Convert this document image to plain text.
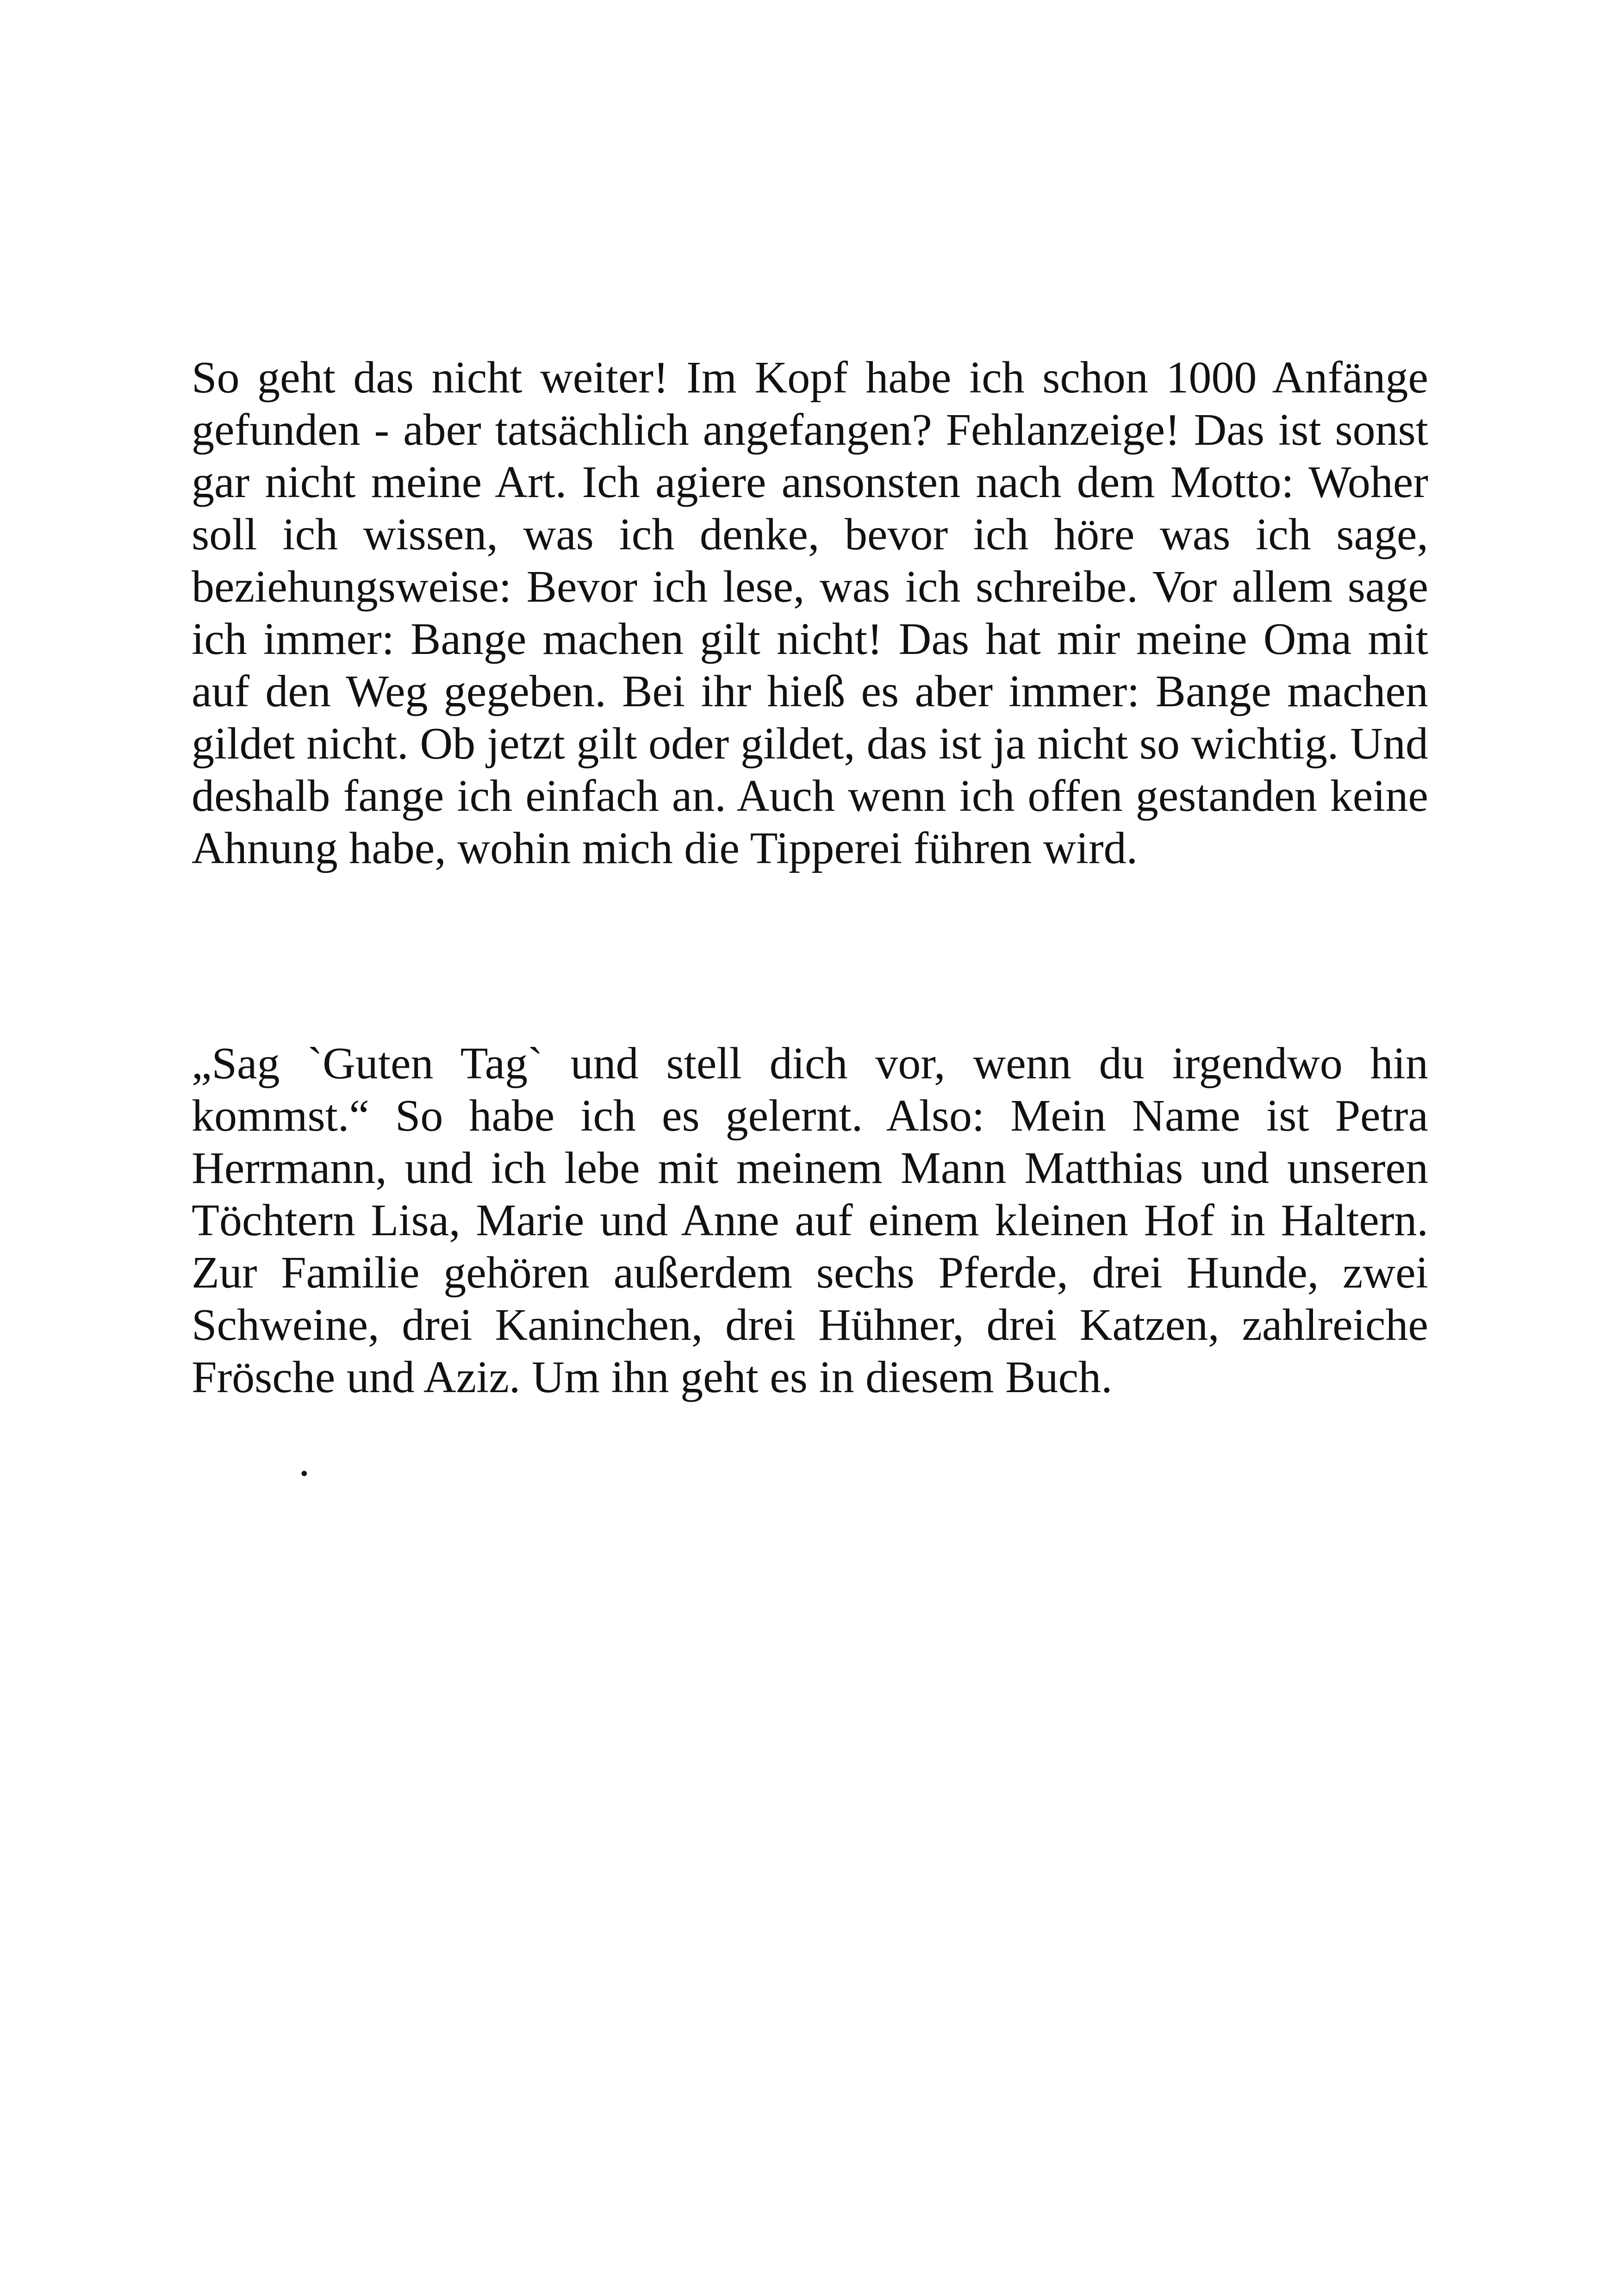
So geht das nicht weiter! Im Kopf habe ich schon 1000 Anfänge gefunden - aber tatsächlich angefangen? Fehlanzeige! Das ist sonst gar nicht meine Art. Ich agiere ansonsten nach dem Motto: Woher soll ich wissen, was ich denke, bevor ich höre was ich sage, beziehungsweise: Bevor ich lese, was ich schreibe. Vor allem sage ich immer: Bange machen gilt nicht! Das hat mir meine Oma mit auf den Weg gegeben. Bei ihr hieß es aber immer: Bange machen gildet nicht. Ob jetzt gilt oder gildet, das ist ja nicht so wichtig. Und deshalb fange ich einfach an. Auch wenn ich offen gestanden keine Ahnung habe, wohin mich die Tipperei führen wird.

„Sag `Guten Tag` und stell dich vor, wenn du irgendwo hin kommst.“ So habe ich es gelernt. Also: Mein Name ist Petra Herrmann, und ich lebe mit meinem Mann Matthias und unseren Töchtern Lisa, Marie und Anne auf einem kleinen Hof in Haltern. Zur Familie gehören außerdem sechs Pferde, drei Hunde, zwei Schweine, drei Kaninchen, drei Hühner, drei Katzen, zahlreiche Frösche und Aziz. Um ihn geht es in diesem Buch.

.
